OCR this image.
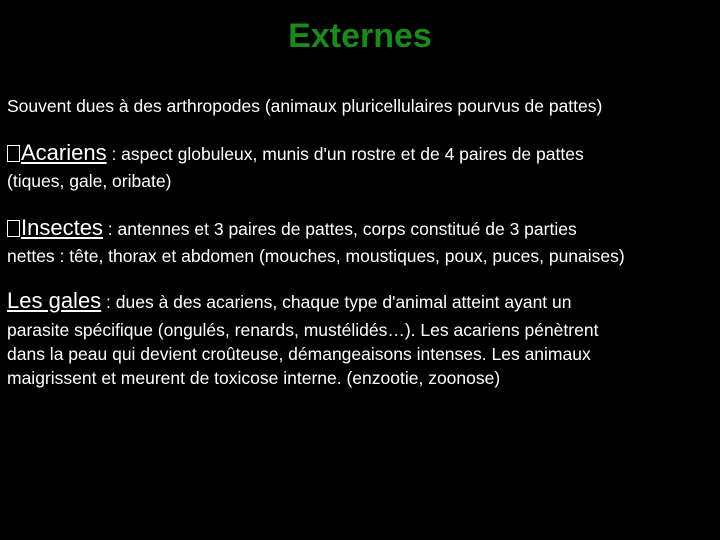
Externes
Souvent dues à des arthropodes (animaux pluricellulaires pourvus de pattes)
Acariens : aspect globuleux, munis d'un rostre et de 4 paires de pattes
(tiques, gale, oribate)
Insectes : antennes et 3 paires de pattes, corps constitué de 3 parties
nettes : tête, thorax et abdomen (mouches, moustiques, poux, puces, punaises)
Les gales : dues à des acariens, chaque type d'animal atteint ayant un
parasite spécifique (ongulés, renards, mustélidés…). Les acariens pénètrent
dans la peau qui devient croûteuse, démangeaisons intenses. Les animaux
maigrissent et meurent de toxicose interne. (enzootie, zoonose)
